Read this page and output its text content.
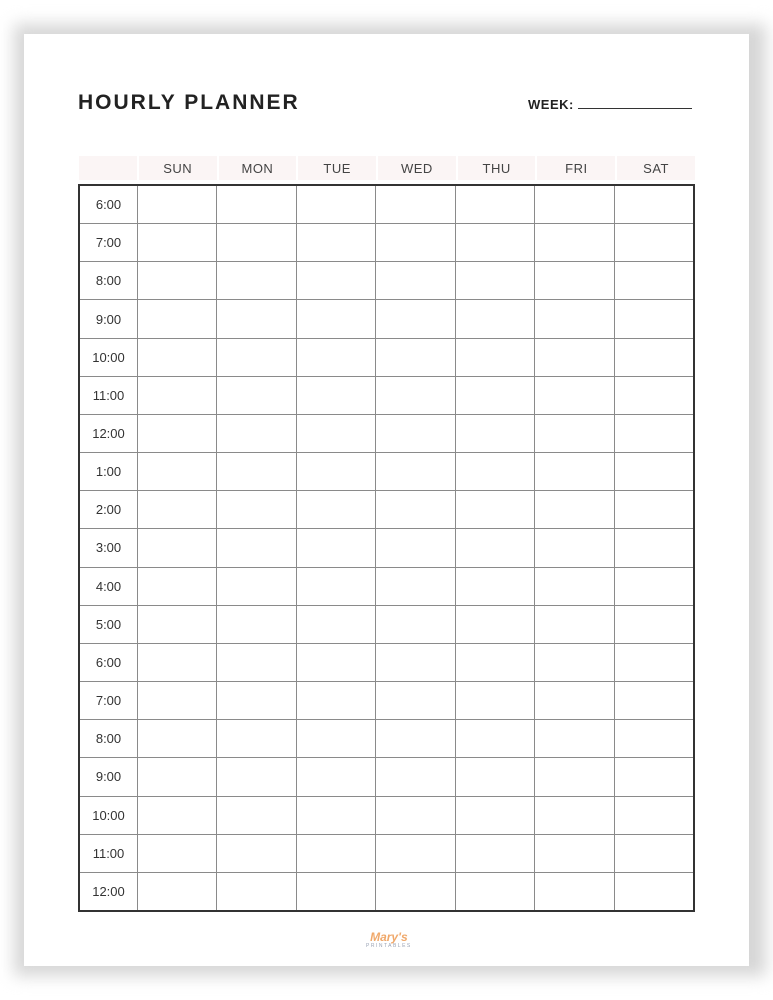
HOURLY PLANNER	WEEK:
SUN	MON	TUE	WED	THU	FRI	SAT
6:00
7:00
8:00
9:00
10:00
11:00
12:00
1:00
2:00
3:00
4:00
5:00
6:00
7:00
8:00
9:00
10:00
11:00
12:00
Mary's
PRINTABLES
